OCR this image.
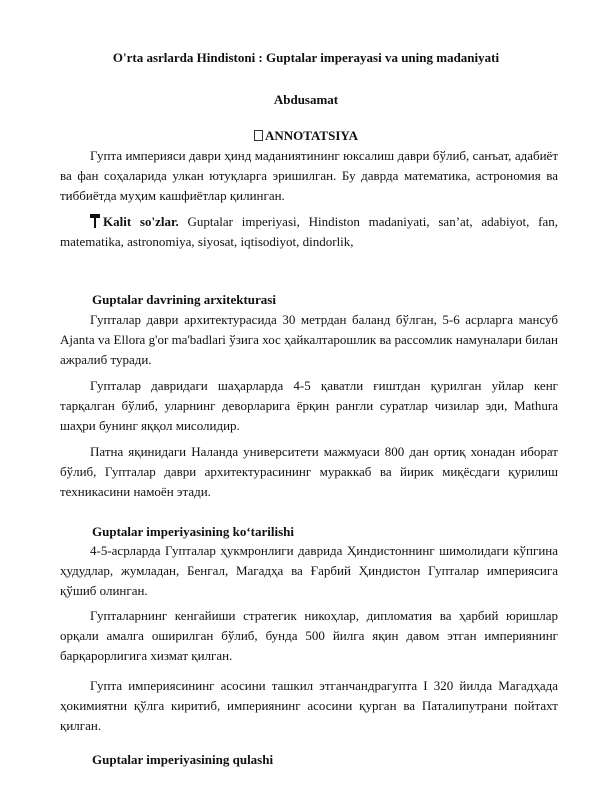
O'rta asrlarda Hindistoni : Guptalar imperayasi va uning madaniyati
Abdusamat
ANNOTATSIYA

Гупта империяси даври ҳинд маданиятининг юксалиш даври бўлиб, санъат, адабиёт ва фан соҳаларида улкан ютуқларга эришилган. Бу даврда математика, астрономия ва тиббиётда муҳим кашфиётлар қилинган.

Kalit so'zlar. Guptalar imperiyasi, Hindiston madaniyati, san’at, adabiyot, fan, matematika, astronomiya, siyosat, iqtisodiyot, dindorlik,
Guptalar davrining arxitekturasi

Гупталар даври архитектурасида 30 метрдан баланд бўлган, 5-6 асрларга мансуб Ajanta va Ellora g'or ma'badlari ўзига хос ҳайкалтарошлик ва рассомлик намуналари билан ажралиб туради.

Гупталар давридаги шаҳарларда 4-5 қаватли ғиштдан қурилган уйлар кенг тарқалган бўлиб, уларнинг деворларига ёрқин рангли суратлар чизилар эди, Mathura шаҳри бунинг яққол мисолидир.

Патна яқинидаги Наланда университети мажмуаси 800 дан ортиқ хонадан иборат бўлиб, Гупталар даври архитектурасининг мураккаб ва йирик миқёсдаги қурилиш техникасини намоён этади.

Guptalar imperiyasining ko‘tarilishi

4-5-асрларда Гупталар ҳукмронлиги даврида Ҳиндистоннинг шимолидаги кўпгина ҳудудлар, жумладан, Бенгал, Магадҳа ва Ғарбий Ҳиндистон Гупталар империясига қўшиб олинган.

Гупталарнинг кенгайиши стратегик никоҳлар, дипломатия ва ҳарбий юришлар орқали амалга оширилган бўлиб, бунда 500 йилга яқин давом этган империянинг барқарорлигига хизмат қилган.

Гупта империясининг асосини ташкил этганчандрагупта I 320 йилда Магадҳада ҳокимиятни қўлга киритиб, империянинг асосини қурган ва Паталипутрани пойтахт қилган.

Guptalar imperiyasining qulashi
